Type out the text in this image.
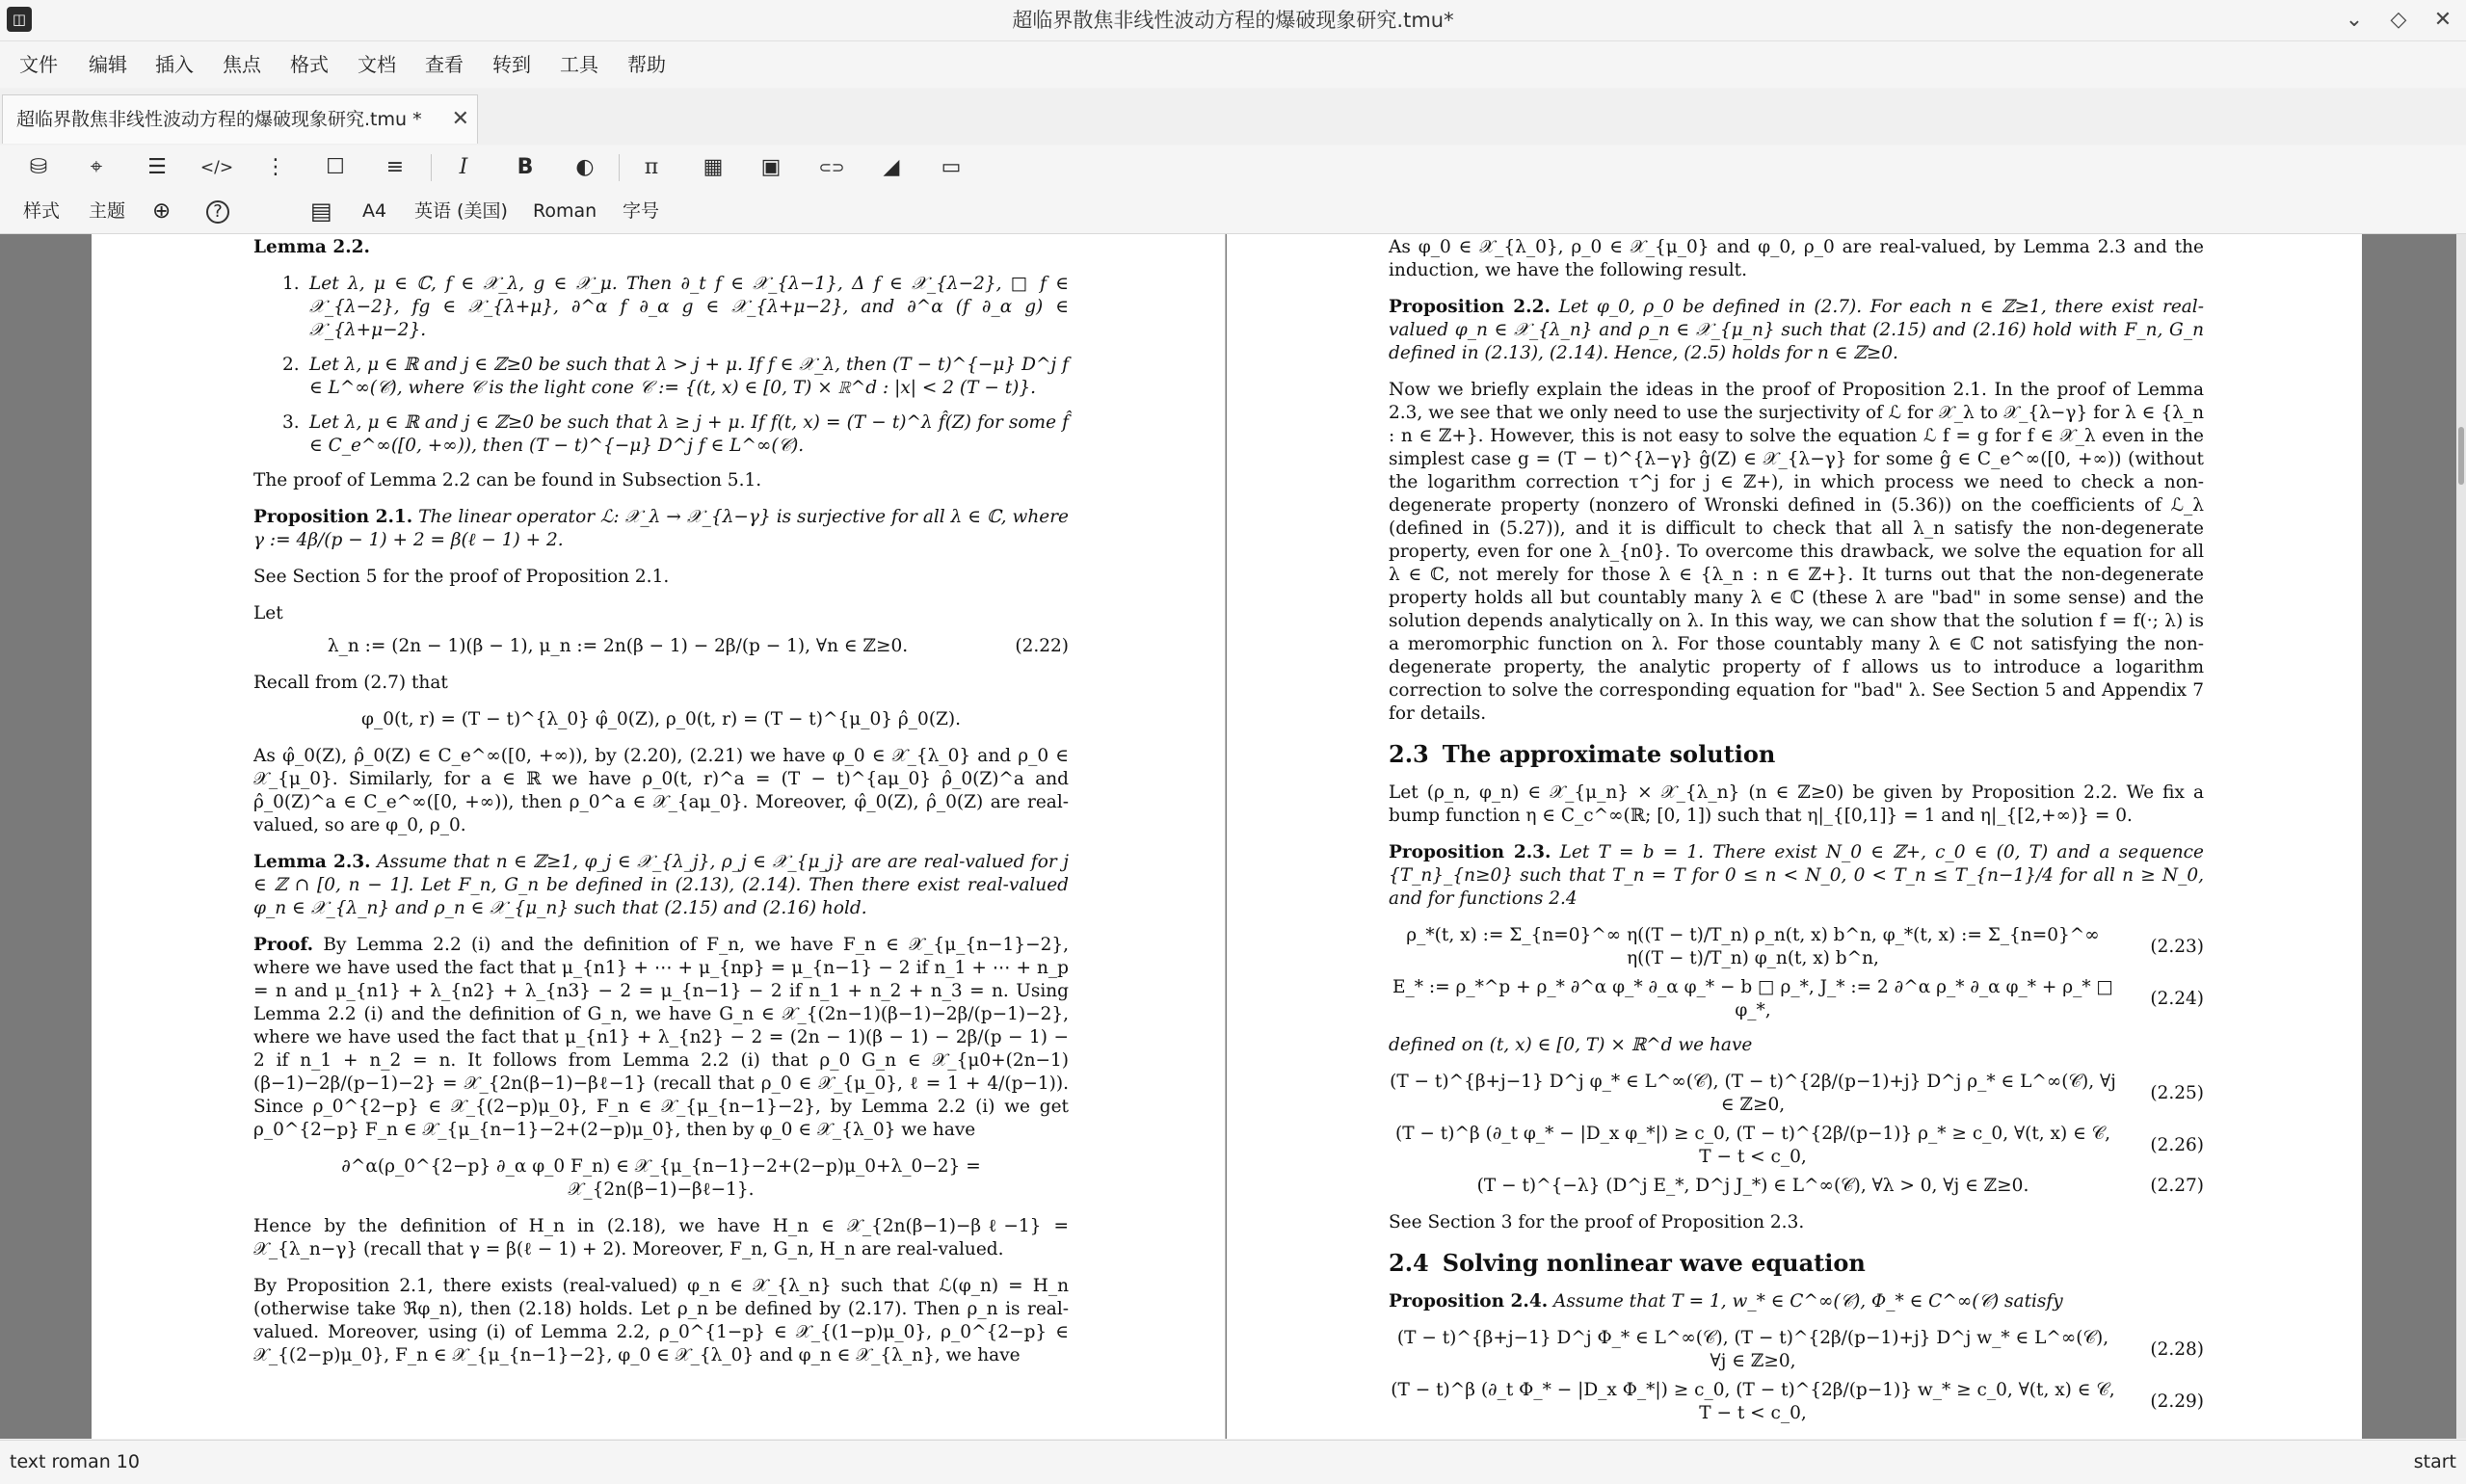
◫	超临界散焦非线性波动方程的爆破现象研究.tmu*	⌄ ◇ ✕
文件 编辑 插入 焦点 格式 文档 查看 转到 工具 帮助
超临界散焦非线性波动方程的爆破现象研究.tmu * ✕
⛁	⌖	☰	</>	⋮	☐	≡	I	B	◐	π	▦	▣	⊂⊃	◢	▭
样式 主题 ⊕	?	▤ A4 英语 (美国) Roman 字号
Lemma 2.2.
1. Let λ, μ ∈ ℂ, f ∈ 𝒳_λ, g ∈ 𝒳_μ. Then ∂_t f ∈ 𝒳_{λ−1}, Δ f ∈ 𝒳_{λ−2}, □ f ∈ 𝒳_{λ−2}, fg ∈ 𝒳_{λ+μ}, ∂^α f ∂_α g ∈ 𝒳_{λ+μ−2}, and ∂^α (f ∂_α g) ∈ 𝒳_{λ+μ−2}.
2. Let λ, μ ∈ ℝ and j ∈ ℤ≥0 be such that λ > j + μ. If f ∈ 𝒳_λ, then (T − t)^{−μ} D^j f ∈ L^∞(𝒞), where 𝒞 is the light cone 𝒞 := {(t, x) ∈ [0, T) × ℝ^d : |x| < 2 (T − t)}.
3. Let λ, μ ∈ ℝ and j ∈ ℤ≥0 be such that λ ≥ j + μ. If f(t, x) = (T − t)^λ f̂(Z) for some f̂ ∈ C_e^∞([0, +∞)), then (T − t)^{−μ} D^j f ∈ L^∞(𝒞).
The proof of Lemma 2.2 can be found in Subsection 5.1.
Proposition 2.1. The linear operator ℒ: 𝒳_λ → 𝒳_{λ−γ} is surjective for all λ ∈ ℂ, where γ := 4β/(p − 1) + 2 = β(ℓ − 1) + 2.
See Section 5 for the proof of Proposition 2.1.
Let
λ_n := (2n − 1)(β − 1), μ_n := 2n(β − 1) − 2β/(p − 1), ∀n ∈ ℤ≥0.	(2.22)
Recall from (2.7) that
φ_0(t, r) = (T − t)^{λ_0} φ̂_0(Z), ρ_0(t, r) = (T − t)^{μ_0} ρ̂_0(Z).
As φ̂_0(Z), ρ̂_0(Z) ∈ C_e^∞([0, +∞)), by (2.20), (2.21) we have φ_0 ∈ 𝒳_{λ_0} and ρ_0 ∈ 𝒳_{μ_0}. Similarly, for a ∈ ℝ we have ρ_0(t, r)^a = (T − t)^{aμ_0} ρ̂_0(Z)^a and ρ̂_0(Z)^a ∈ C_e^∞([0, +∞)), then ρ_0^a ∈ 𝒳_{aμ_0}. Moreover, φ̂_0(Z), ρ̂_0(Z) are real-valued, so are φ_0, ρ_0.
Lemma 2.3. Assume that n ∈ ℤ≥1, φ_j ∈ 𝒳_{λ_j}, ρ_j ∈ 𝒳_{μ_j} are are real-valued for j ∈ ℤ ∩ [0, n − 1]. Let F_n, G_n be defined in (2.13), (2.14). Then there exist real-valued φ_n ∈ 𝒳_{λ_n} and ρ_n ∈ 𝒳_{μ_n} such that (2.15) and (2.16) hold.
Proof. By Lemma 2.2 (i) and the definition of F_n, we have F_n ∈ 𝒳_{μ_{n−1}−2}, where we have used the fact that μ_{n1} + ⋯ + μ_{np} = μ_{n−1} − 2 if n_1 + ⋯ + n_p = n and μ_{n1} + λ_{n2} + λ_{n3} − 2 = μ_{n−1} − 2 if n_1 + n_2 + n_3 = n. Using Lemma 2.2 (i) and the definition of G_n, we have G_n ∈ 𝒳_{(2n−1)(β−1)−2β/(p−1)−2}, where we have used the fact that μ_{n1} + λ_{n2} − 2 = (2n − 1)(β − 1) − 2β/(p − 1) − 2 if n_1 + n_2 = n. It follows from Lemma 2.2 (i) that ρ_0 G_n ∈ 𝒳_{μ0+(2n−1)(β−1)−2β/(p−1)−2} = 𝒳_{2n(β−1)−βℓ−1} (recall that ρ_0 ∈ 𝒳_{μ_0}, ℓ = 1 + 4/(p−1)). Since ρ_0^{2−p} ∈ 𝒳_{(2−p)μ_0}, F_n ∈ 𝒳_{μ_{n−1}−2}, by Lemma 2.2 (i) we get ρ_0^{2−p} F_n ∈ 𝒳_{μ_{n−1}−2+(2−p)μ_0}, then by φ_0 ∈ 𝒳_{λ_0} we have
∂^α(ρ_0^{2−p} ∂_α φ_0 F_n) ∈ 𝒳_{μ_{n−1}−2+(2−p)μ_0+λ_0−2} = 𝒳_{2n(β−1)−βℓ−1}.
Hence by the definition of H_n in (2.18), we have H_n ∈ 𝒳_{2n(β−1)−βℓ−1} = 𝒳_{λ_n−γ} (recall that γ = β(ℓ − 1) + 2). Moreover, F_n, G_n, H_n are real-valued.
By Proposition 2.1, there exists (real-valued) φ_n ∈ 𝒳_{λ_n} such that ℒ(φ_n) = H_n (otherwise take ℜφ_n), then (2.18) holds. Let ρ_n be defined by (2.17). Then ρ_n is real-valued. Moreover, using (i) of Lemma 2.2, ρ_0^{1−p} ∈ 𝒳_{(1−p)μ_0}, ρ_0^{2−p} ∈ 𝒳_{(2−p)μ_0}, F_n ∈ 𝒳_{μ_{n−1}−2}, φ_0 ∈ 𝒳_{λ_0} and φ_n ∈ 𝒳_{λ_n}, we have
As φ_0 ∈ 𝒳_{λ_0}, ρ_0 ∈ 𝒳_{μ_0} and φ_0, ρ_0 are real-valued, by Lemma 2.3 and the induction, we have the following result.
Proposition 2.2. Let φ_0, ρ_0 be defined in (2.7). For each n ∈ ℤ≥1, there exist real-valued φ_n ∈ 𝒳_{λ_n} and ρ_n ∈ 𝒳_{μ_n} such that (2.15) and (2.16) hold with F_n, G_n defined in (2.13), (2.14). Hence, (2.5) holds for n ∈ ℤ≥0.
Now we briefly explain the ideas in the proof of Proposition 2.1. In the proof of Lemma 2.3, we see that we only need to use the surjectivity of ℒ for 𝒳_λ to 𝒳_{λ−γ} for λ ∈ {λ_n : n ∈ ℤ+}. However, this is not easy to solve the equation ℒ f = g for f ∈ 𝒳_λ even in the simplest case g = (T − t)^{λ−γ} ĝ(Z) ∈ 𝒳_{λ−γ} for some ĝ ∈ C_e^∞([0, +∞)) (without the logarithm correction τ^j for j ∈ ℤ+), in which process we need to check a non-degenerate property (nonzero of Wronski defined in (5.36)) on the coefficients of ℒ_λ (defined in (5.27)), and it is difficult to check that all λ_n satisfy the non-degenerate property, even for one λ_{n0}. To overcome this drawback, we solve the equation for all λ ∈ ℂ, not merely for those λ ∈ {λ_n : n ∈ ℤ+}. It turns out that the non-degenerate property holds all but countably many λ ∈ ℂ (these λ are "bad" in some sense) and the solution depends analytically on λ. In this way, we can show that the solution f = f(·; λ) is a meromorphic function on λ. For those countably many λ ∈ ℂ not satisfying the non-degenerate property, the analytic property of f allows us to introduce a logarithm correction to solve the corresponding equation for "bad" λ. See Section 5 and Appendix 7 for details.
2.3 The approximate solution
Let (ρ_n, φ_n) ∈ 𝒳_{μ_n} × 𝒳_{λ_n} (n ∈ ℤ≥0) be given by Proposition 2.2. We fix a bump function η ∈ C_c^∞(ℝ; [0, 1]) such that η|_{[0,1]} = 1 and η|_{[2,+∞)} = 0.
Proposition 2.3. Let T = b = 1. There exist N_0 ∈ ℤ+, c_0 ∈ (0, T) and a sequence {T_n}_{n≥0} such that T_n = T for 0 ≤ n < N_0, 0 < T_n ≤ T_{n−1}/4 for all n ≥ N_0, and for functions 2.4
ρ_*(t, x) := Σ_{n=0}^∞ η((T − t)/T_n) ρ_n(t, x) b^n, φ_*(t, x) := Σ_{n=0}^∞ η((T − t)/T_n) φ_n(t, x) b^n,
(2.23)
E_* := ρ_*^p + ρ_* ∂^α φ_* ∂_α φ_* − b □ ρ_*, J_* := 2 ∂^α ρ_* ∂_α φ_* + ρ_* □ φ_*,
(2.24)
defined on (t, x) ∈ [0, T) × ℝ^d we have
(T − t)^{β+j−1} D^j φ_* ∈ L^∞(𝒞), (T − t)^{2β/(p−1)+j} D^j ρ_* ∈ L^∞(𝒞), ∀j ∈ ℤ≥0,
(2.25)
(T − t)^β (∂_t φ_* − |D_x φ_*|) ≥ c_0, (T − t)^{2β/(p−1)} ρ_* ≥ c_0, ∀(t, x) ∈ 𝒞, T − t < c_0,
(2.26)
(T − t)^{−λ} (D^j E_*, D^j J_*) ∈ L^∞(𝒞), ∀λ > 0, ∀j ∈ ℤ≥0.	(2.27)
See Section 3 for the proof of Proposition 2.3.
2.4 Solving nonlinear wave equation
Proposition 2.4. Assume that T = 1, w_* ∈ C^∞(𝒞), Φ_* ∈ C^∞(𝒞) satisfy
(T − t)^{β+j−1} D^j Φ_* ∈ L^∞(𝒞), (T − t)^{2β/(p−1)+j} D^j w_* ∈ L^∞(𝒞), ∀j ∈ ℤ≥0,
(2.28)
(T − t)^β (∂_t Φ_* − |D_x Φ_*|) ≥ c_0, (T − t)^{2β/(p−1)} w_* ≥ c_0, ∀(t, x) ∈ 𝒞, T − t < c_0,
(2.29)
text roman 10	start
